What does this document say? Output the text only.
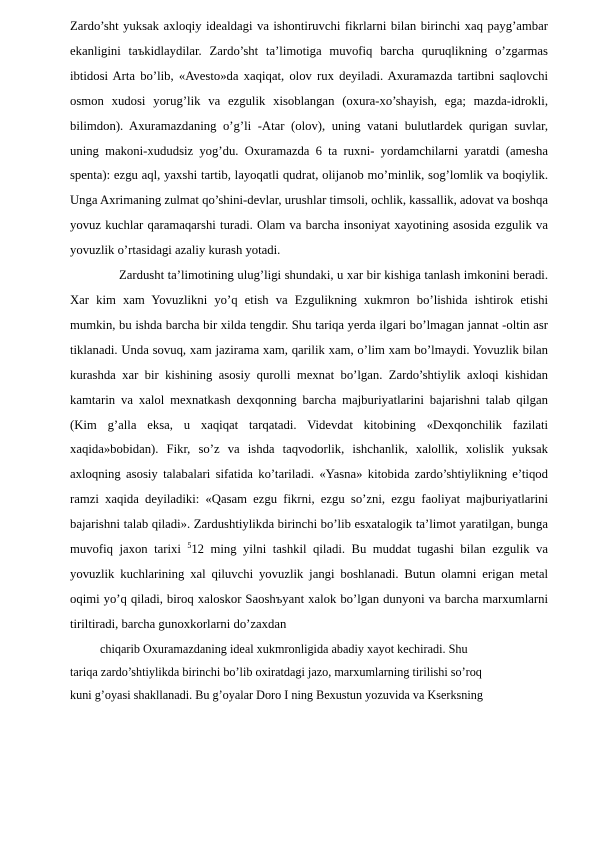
Zardo’sht yuksak axloqiy idealdagi va ishontiruvchi fikrlarni bilan birinchi xaq payg’ambar ekanligini taъkidlaydilar. Zardo’sht ta’limotiga muvofiq barcha quruqlikning o’zgarmas ibtidosi Arta bo’lib, «Avesto»da xaqiqat, olov rux deyiladi. Axuramazda tartibni saqlovchi osmon xudosi yorug’lik va ezgulik xisoblangan (oxura-xo’shayish, ega; mazda-idrokli, bilimdon). Axuramazdaning o’g’li -Atar (olov), uning vatani bulutlardek qurigan suvlar, uning makoni-xududsiz yog’du. Oxuramazda 6 ta ruxni- yordamchilarni yaratdi (amesha spenta): ezgu aql, yaxshi tartib, layoqatli qudrat, olijanob mo’minlik, sog’lomlik va boqiylik. Unga Axrimaning zulmat qo’shini-devlar, urushlar timsoli, ochlik, kassallik, adovat va boshqa yovuz kuchlar qaramaqarshi turadi. Olam va barcha insoniyat xayotining asosida ezgulik va yovuzlik o’rtasidagi azaliy kurash yotadi.

Zardusht ta’limotining ulug’ligi shundaki, u xar bir kishiga tanlash imkonini beradi. Xar kim xam Yovuzlikni yo’q etish va Ezgulikning xukmron bo’lishida ishtirok etishi mumkin, bu ishda barcha bir xilda tengdir. Shu tariqa yerda ilgari bo’lmagan jannat -oltin asr tiklanadi. Unda sovuq, xam jazirama xam, qarilik xam, o’lim xam bo’lmaydi. Yovuzlik bilan kurashda xar bir kishining asosiy qurolli mexnat bo’lgan. Zardo’shtiylik axloqi kishidan kamtarin va xalol mexnatkash dexqonning barcha majburiyatlarini bajarishni talab qilgan (Kim g’alla eksa, u xaqiqat tarqatadi. Videvdat kitobining «Dexqonchilik fazilati xaqida»bobidan). Fikr, so’z va ishda taqvodorlik, ishchanlik, xalollik, xolislik yuksak axloqning asosiy talabalari sifatida ko’tariladi. «Yasna» kitobida zardo’shtiylikning e’tiqod ramzi xaqida deyiladiki: «Qasam ezgu fikrni, ezgu so’zni, ezgu faoliyat majburiyatlarini bajarishni talab qiladi». Zardushtiylikda birinchi bo’lib esxatalogik ta’limot yaratilgan, bunga muvofiq jaxon tarixi $^5$12 ming yilni tashkil qiladi. Bu muddat tugashi bilan ezgulik va yovuzlik kuchlarining xal qiluvchi yovuzlik jangi boshlanadi. Butun olamni erigan metal oqimi yo’q qiladi, biroq xaloskor Saoshъyant xalok bo’lgan dunyoni va barcha marxumlarni tiriltiradi, barcha gunoxkorlarni do’zaxdan

chiqarib Oxuramazdaning ideal xukmronligida abadiy xayot kechiradi. Shu

tariqa zardo’shtiylikda birinchi bo’lib oxiratdagi jazo, marxumlarning tirilishi so’roq

kuni g’oyasi shakllanadi. Bu g’oyalar Doro I ning Bexustun yozuvida va Kserksning
